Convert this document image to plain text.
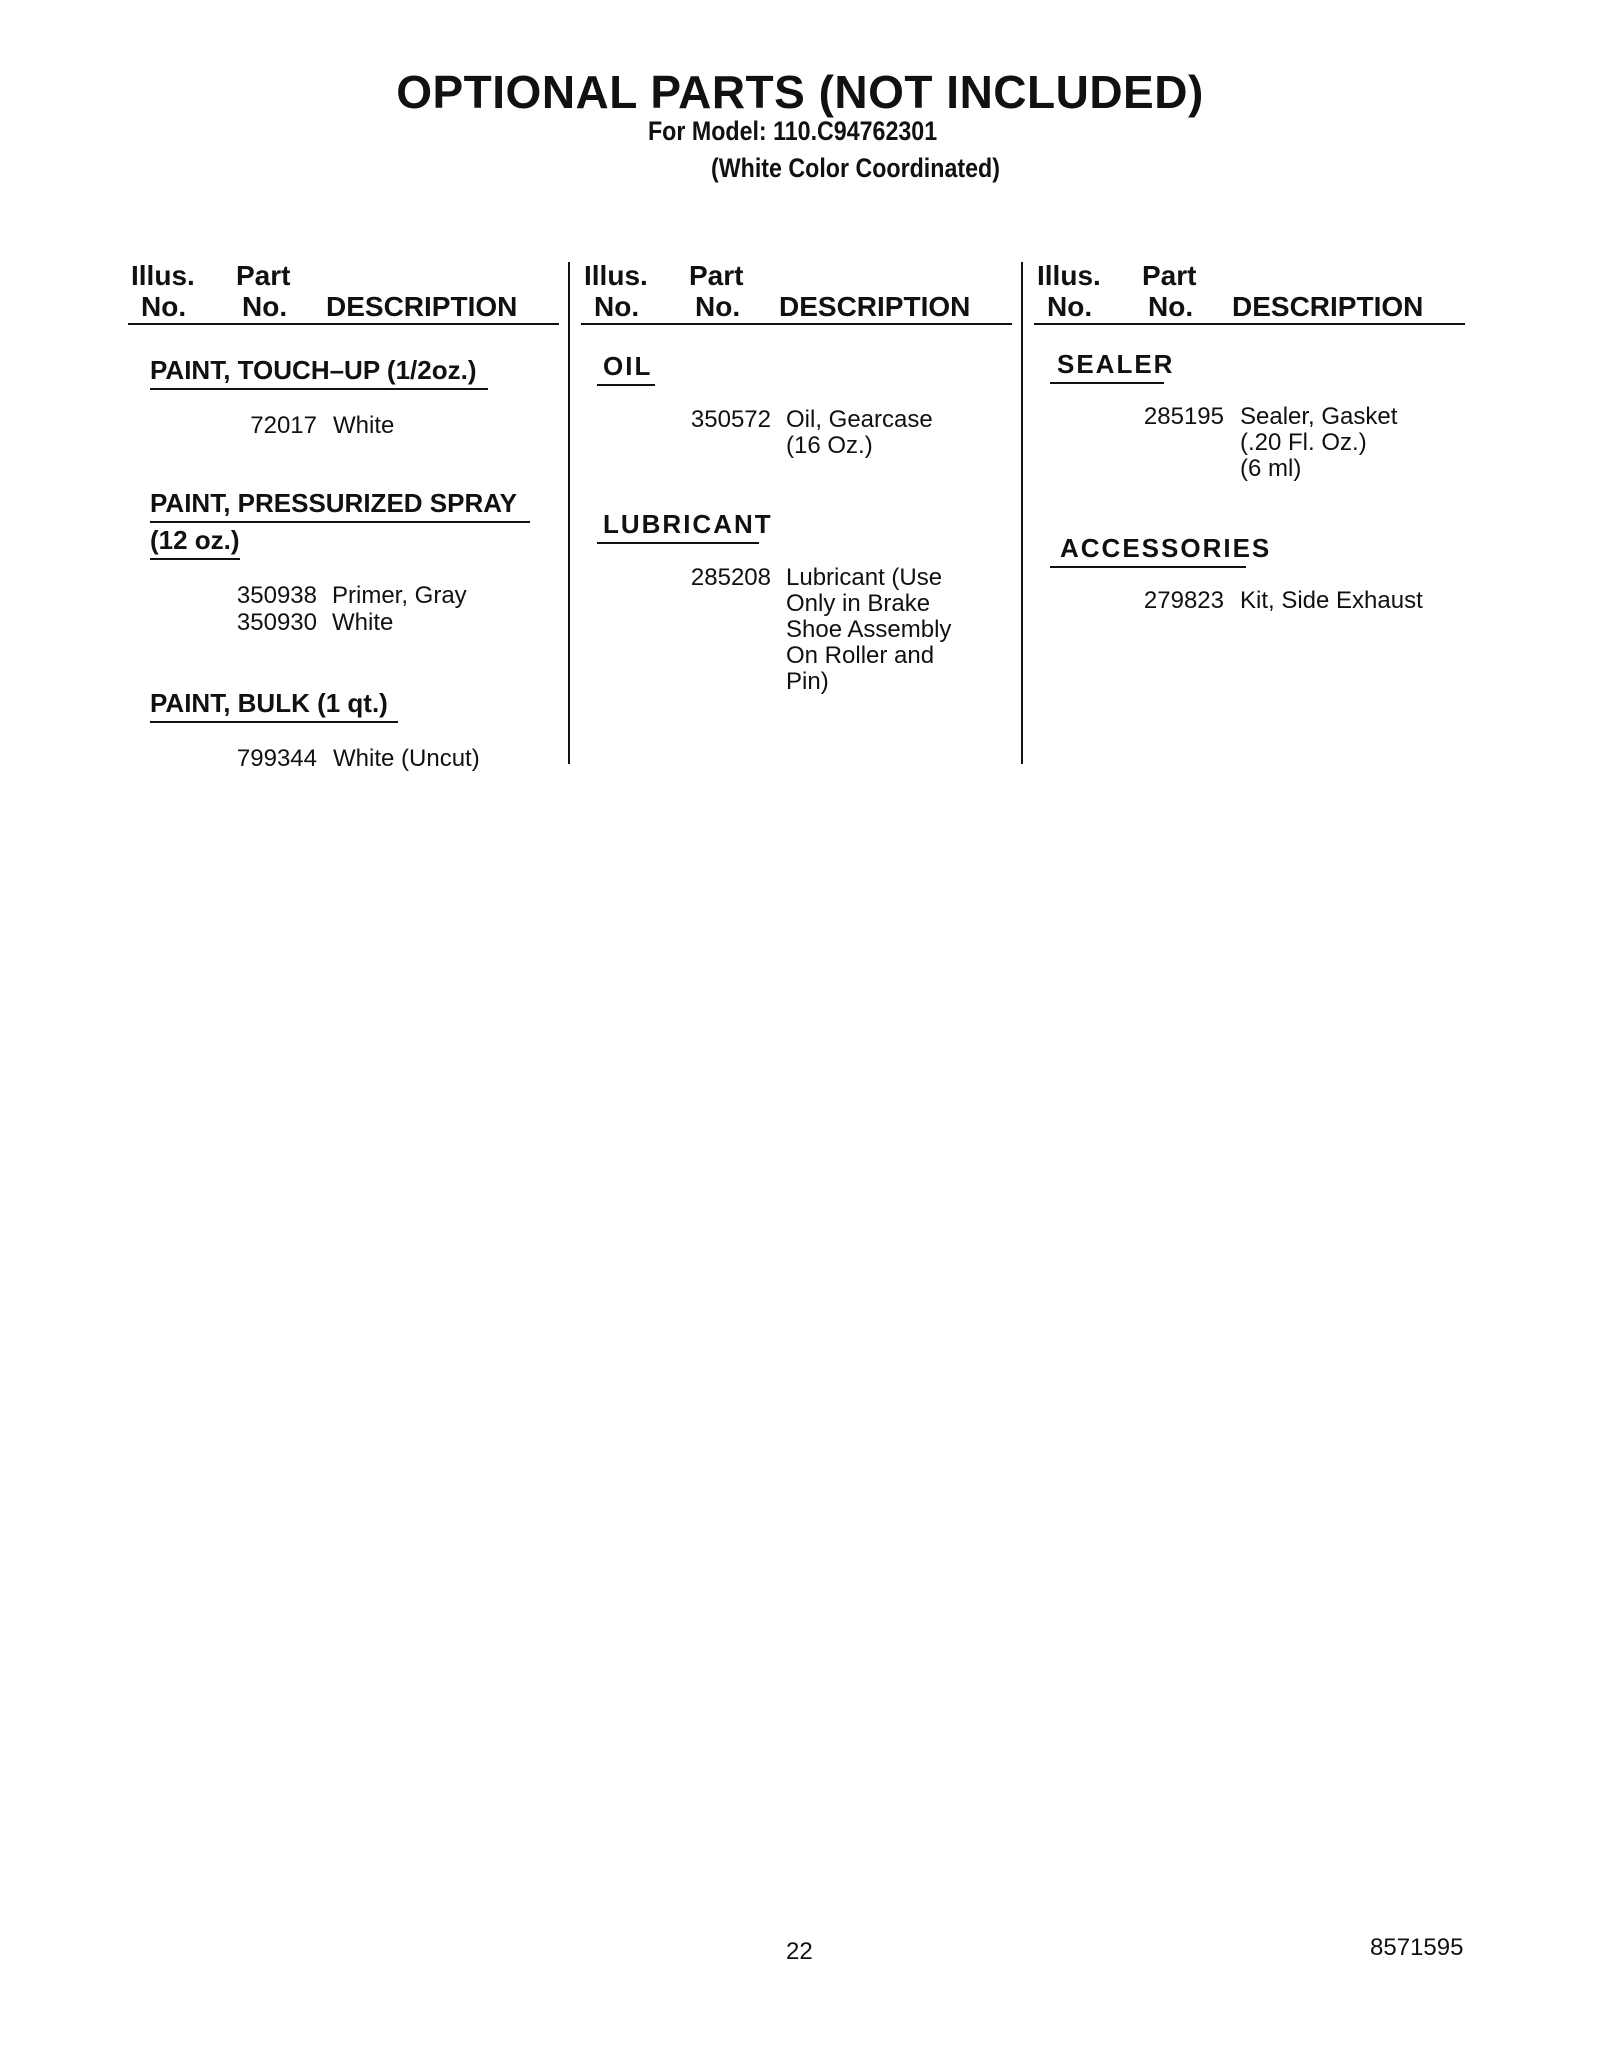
OPTIONAL PARTS (NOT INCLUDED)
For Model: 110.C94762301
(White Color Coordinated)
Illus.
No.
Part
No. DESCRIPTION
Illus.
No.
Part
No. DESCRIPTION
Illus.
No.
Part
No. DESCRIPTION
PAINT, TOUCH–UP (1/2oz.)
72017 White
PAINT, PRESSURIZED SPRAY
(12 oz.)
350938 Primer, Gray
350930 White
PAINT, BULK (1 qt.)
799344 White (Uncut)
OIL
350572 Oil, Gearcase
(16 Oz.)
LUBRICANT
285208 Lubricant (Use
Only in Brake
Shoe Assembly
On Roller and
Pin)
SEALER
285195 Sealer, Gasket
(.20 Fl. Oz.)
(6 ml)
ACCESSORIES
279823 Kit, Side Exhaust
22	8571595
